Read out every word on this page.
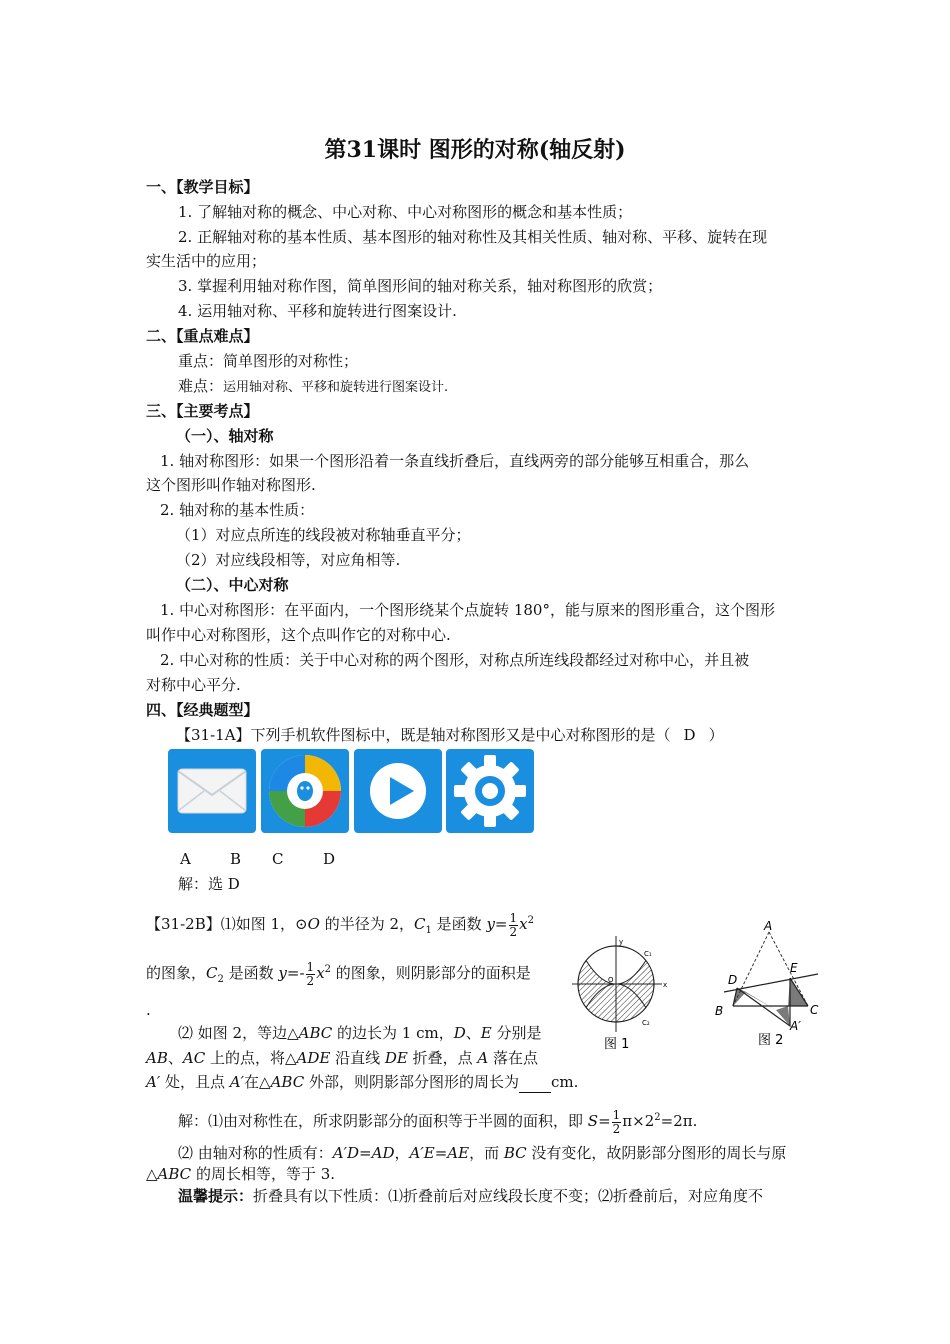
第31课时 图形的对称(轴反射)
一、【教学目标】
1. 了解轴对称的概念、中心对称、中心对称图形的概念和基本性质；
2. 正解轴对称的基本性质、基本图形的轴对称性及其相关性质、轴对称、平移、旋转在现
实生活中的应用；
3. 掌握利用轴对称作图，简单图形间的轴对称关系，轴对称图形的欣赏；
4. 运用轴对称、平移和旋转进行图案设计.
二、【重点难点】
重点：简单图形的对称性；
难点：运用轴对称、平移和旋转进行图案设计.
三、【主要考点】
（一）、轴对称
1. 轴对称图形：如果一个图形沿着一条直线折叠后，直线两旁的部分能够互相重合，那么
这个图形叫作轴对称图形.
2. 轴对称的基本性质：
（1）对应点所连的线段被对称轴垂直平分；
（2）对应线段相等，对应角相等.
（二）、中心对称
1. 中心对称图形：在平面内，一个图形绕某个点旋转 180°，能与原来的图形重合，这个图形
叫作中心对称图形，这个点叫作它的对称中心.
2. 中心对称的性质：关于中心对称的两个图形，对称点所连线段都经过对称中心，并且被
对称中心平分.
四、【经典题型】
【31-1A】下列手机软件图标中，既是轴对称图形又是中心对称图形的是（ D ）
A	B C	D
解：选 D
【31-2B】⑴如图 1，⊙O 的半径为 2，$C_1$ 是函数 $y= \frac{1}{2} x^2$
的图象，$C_2$ 是函数 $y=- \frac{1}{2} x^2$ 的图象，则阴影部分的面积是
.
⑵ 如图 2，等边△ABC 的边长为 1 cm，D、E 分别是
AB、AC 上的点，将△ADE 沿直线 DE 折叠，点 A 落在点
A′ 处，且点 A′在△ABC 外部，则阴影部分图形的周长为 cm.
解：⑴由对称性在，所求阴影部分的面积等于半圆的面积，即 $S= \frac{1}{2} \pi\times 2^2=2\pi$.
⑵ 由轴对称的性质有：A′D=AD，A′E=AE，而 BC 没有变化，故阴影部分图形的周长与原
△ABC 的周长相等，等于 3.
温馨提示：折叠具有以下性质：⑴折叠前后对应线段长度不变；⑵折叠前后，对应角度不
y
x
O
C₁
C₂
图 1
A
D
E
B	C
A′
图 2
